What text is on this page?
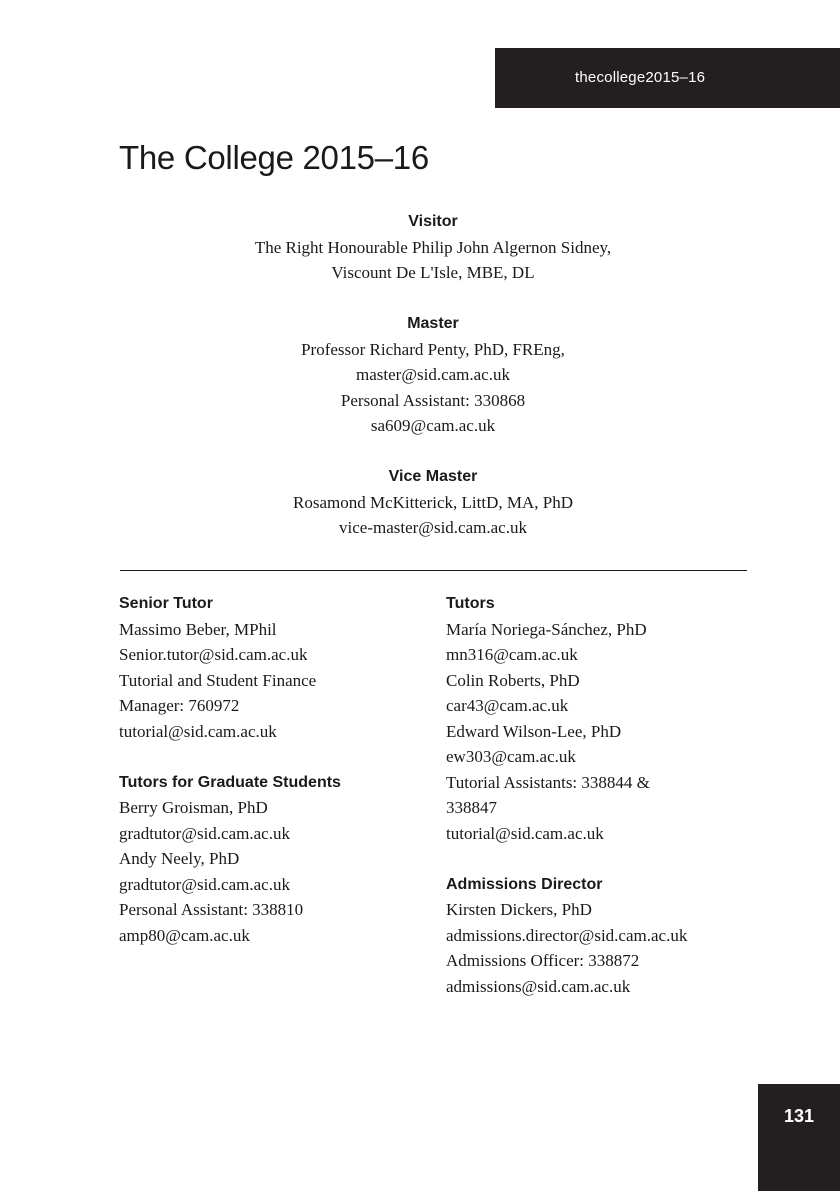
thecollege2015–16
The College 2015–16
Visitor
The Right Honourable Philip John Algernon Sidney,
Viscount De L'Isle, MBE, DL
Master
Professor Richard Penty, PhD, FREng,
master@sid.cam.ac.uk
Personal Assistant: 330868
sa609@cam.ac.uk
Vice Master
Rosamond McKitterick, LittD, MA, PhD
vice-master@sid.cam.ac.uk
Senior Tutor
Massimo Beber, MPhil
Senior.tutor@sid.cam.ac.uk
Tutorial and Student Finance
Manager: 760972
tutorial@sid.cam.ac.uk
Tutors for Graduate Students
Berry Groisman, PhD
gradtutor@sid.cam.ac.uk
Andy Neely, PhD
gradtutor@sid.cam.ac.uk
Personal Assistant: 338810
amp80@cam.ac.uk
Tutors
María Noriega-Sánchez, PhD
mn316@cam.ac.uk
Colin Roberts, PhD
car43@cam.ac.uk
Edward Wilson-Lee, PhD
ew303@cam.ac.uk
Tutorial Assistants: 338844 &
338847
tutorial@sid.cam.ac.uk
Admissions Director
Kirsten Dickers, PhD
admissions.director@sid.cam.ac.uk
Admissions Officer: 338872
admissions@sid.cam.ac.uk
131
